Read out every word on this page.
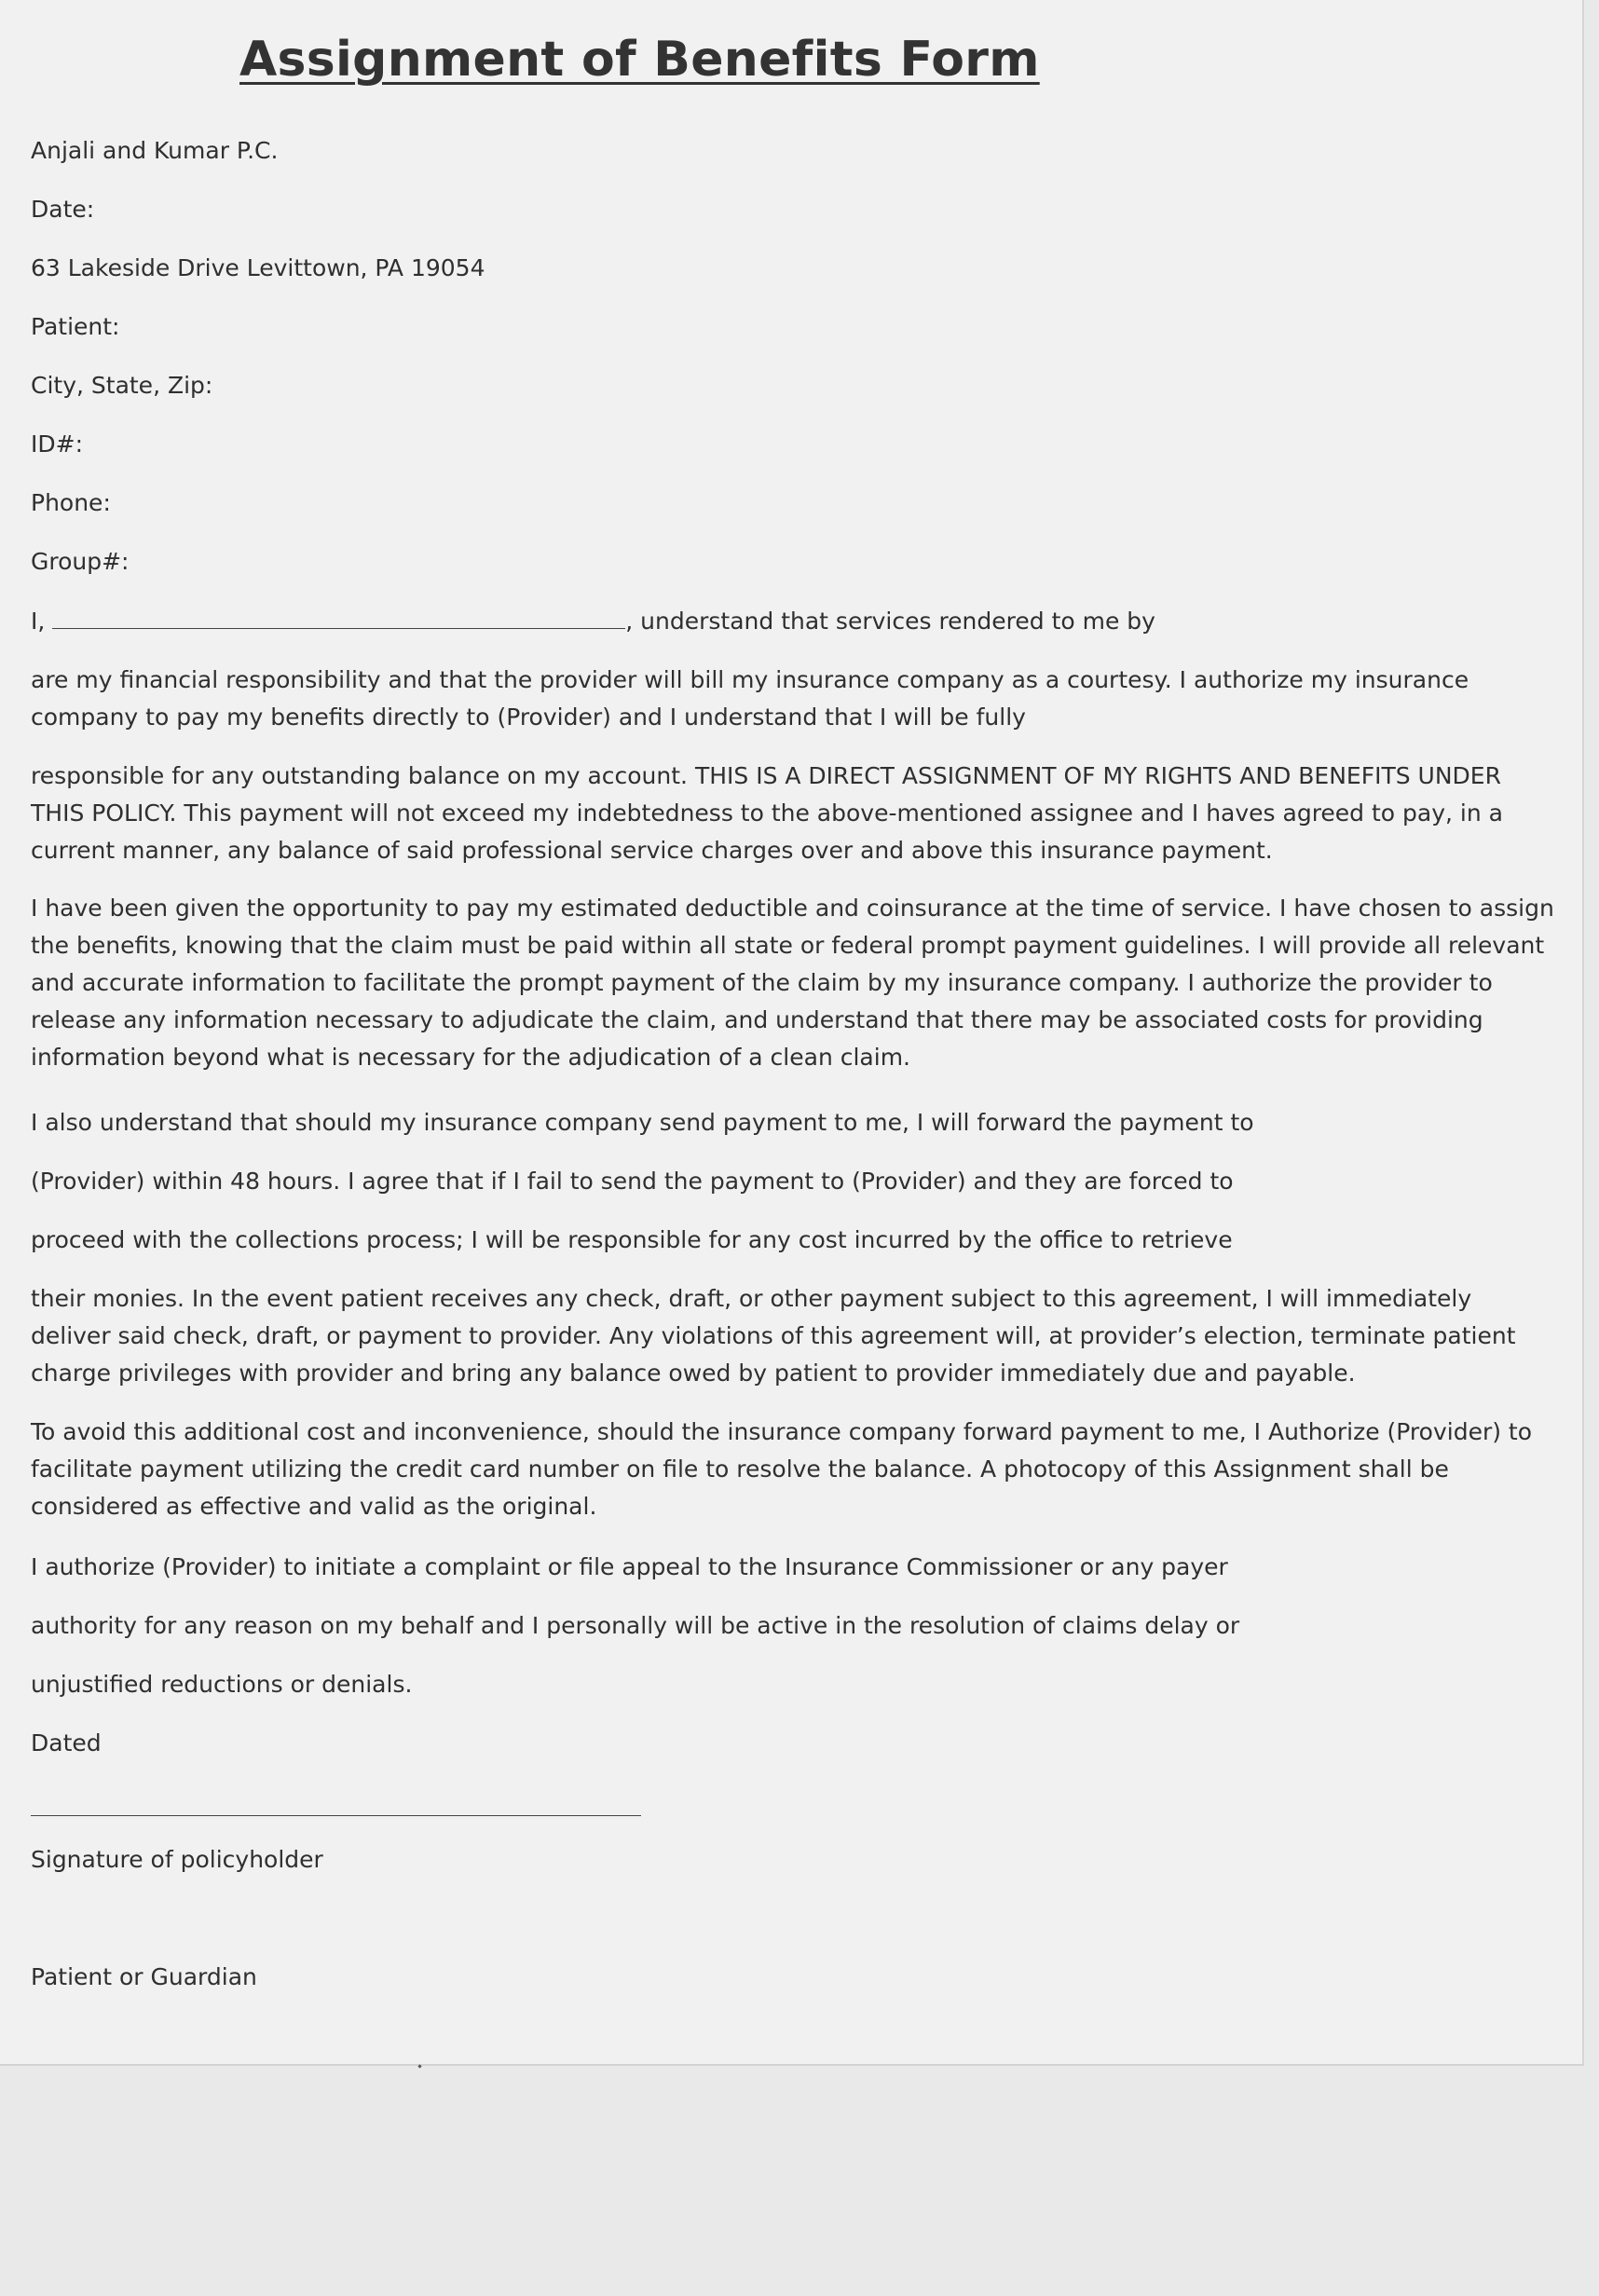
Assignment of Benefits Form
Anjali and Kumar P.C.
Date:
63 Lakeside Drive Levittown, PA 19054
Patient:
City, State, Zip:
ID#:
Phone:
Group#:
I,	, understand that services rendered to me by

are my financial responsibility and that the provider will bill my insurance company as a courtesy. I authorize my insurance company to pay my benefits directly to (Provider) and I understand that I will be fully

responsible for any outstanding balance on my account. THIS IS A DIRECT ASSIGNMENT OF MY RIGHTS AND BENEFITS UNDER THIS POLICY. This payment will not exceed my indebtedness to the above-mentioned assignee and I haves agreed to pay, in a current manner, any balance of said professional service charges over and above this insurance payment.

I have been given the opportunity to pay my estimated deductible and coinsurance at the time of service. I have chosen to assign the benefits, knowing that the claim must be paid within all state or federal prompt payment guidelines. I will provide all relevant and accurate information to facilitate the prompt payment of the claim by my insurance company. I authorize the provider to release any information necessary to adjudicate the claim, and understand that there may be associated costs for providing information beyond what is necessary for the adjudication of a clean claim.

I also understand that should my insurance company send payment to me, I will forward the payment to

(Provider) within 48 hours. I agree that if I fail to send the payment to (Provider) and they are forced to

proceed with the collections process; I will be responsible for any cost incurred by the office to retrieve

their monies. In the event patient receives any check, draft, or other payment subject to this agreement, I will immediately deliver said check, draft, or payment to provider. Any violations of this agreement will, at provider’s election, terminate patient charge privileges with provider and bring any balance owed by patient to provider immediately due and payable.

To avoid this additional cost and inconvenience, should the insurance company forward payment to me, I Authorize (Provider) to facilitate payment utilizing the credit card number on file to resolve the balance. A photocopy of this Assignment shall be considered as effective and valid as the original.

I authorize (Provider) to initiate a complaint or file appeal to the Insurance Commissioner or any payer

authority for any reason on my behalf and I personally will be active in the resolution of claims delay or

unjustified reductions or denials.

Dated
Signature of policyholder
Patient or Guardian
